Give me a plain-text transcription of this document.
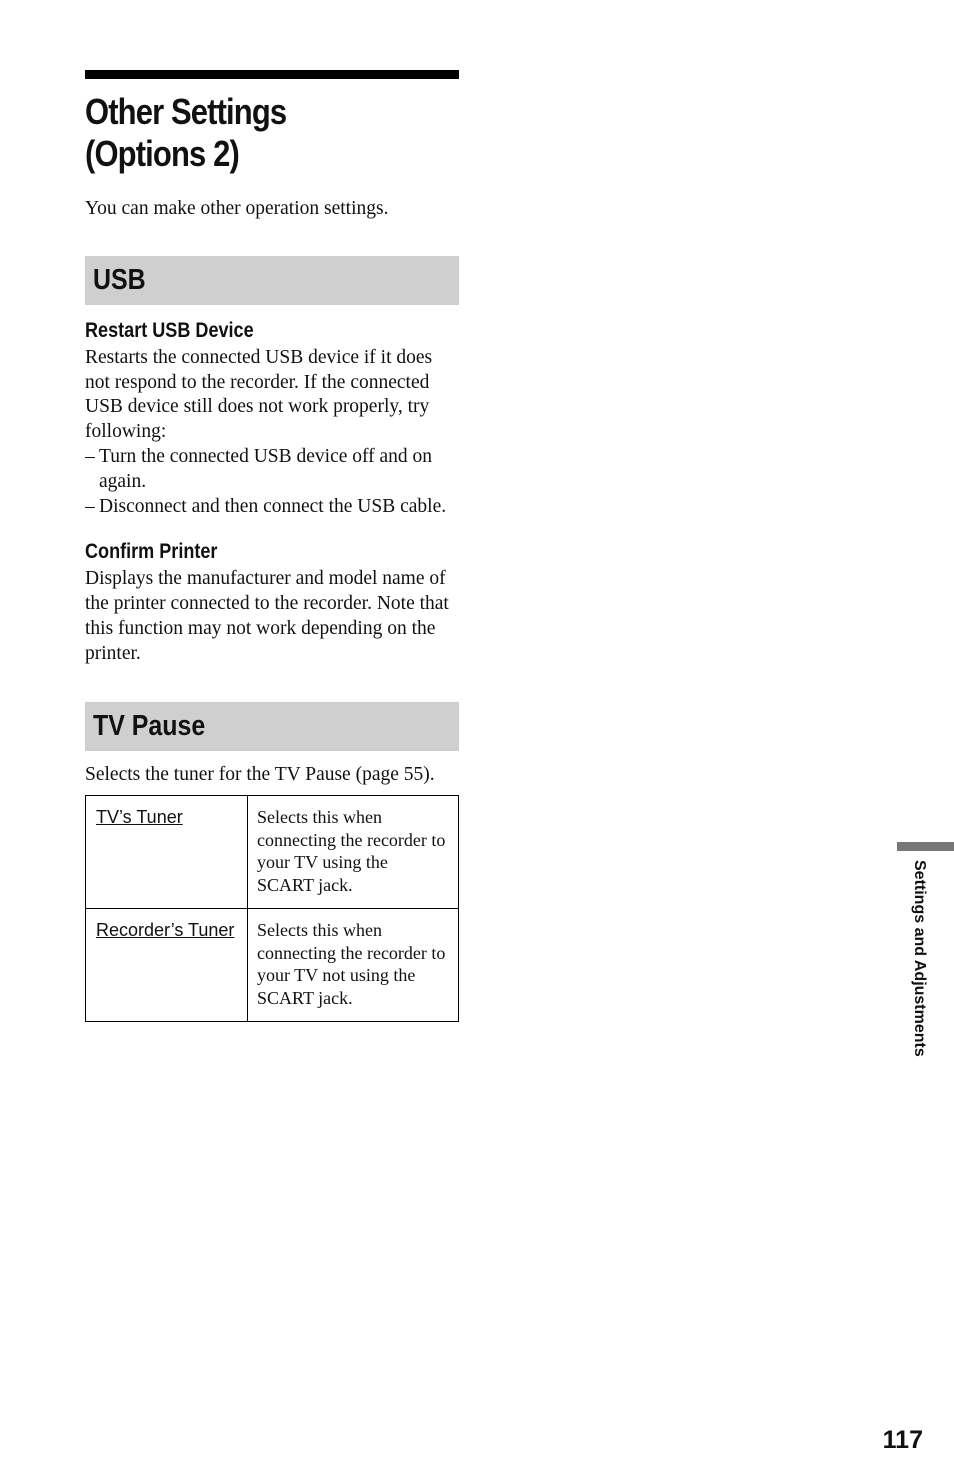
Other Settings
(Options 2)

You can make other operation settings.

USB
Restart USB Device

Restarts the connected USB device if it does not respond to the recorder. If the connected USB device still does not work properly, try following:

– Turn the connected USB device off and on again.
– Disconnect and then connect the USB cable.
Confirm Printer

Displays the manufacturer and model name of the printer connected to the recorder. Note that this function may not work depending on the printer.

TV Pause

Selects the tuner for the TV Pause (page 55).

TV’s Tuner	Selects this when connecting the recorder to your TV using the SCART jack.
Recorder’s Tuner	Selects this when connecting the recorder to your TV not using the SCART jack.	Settings and Adjustments
117
